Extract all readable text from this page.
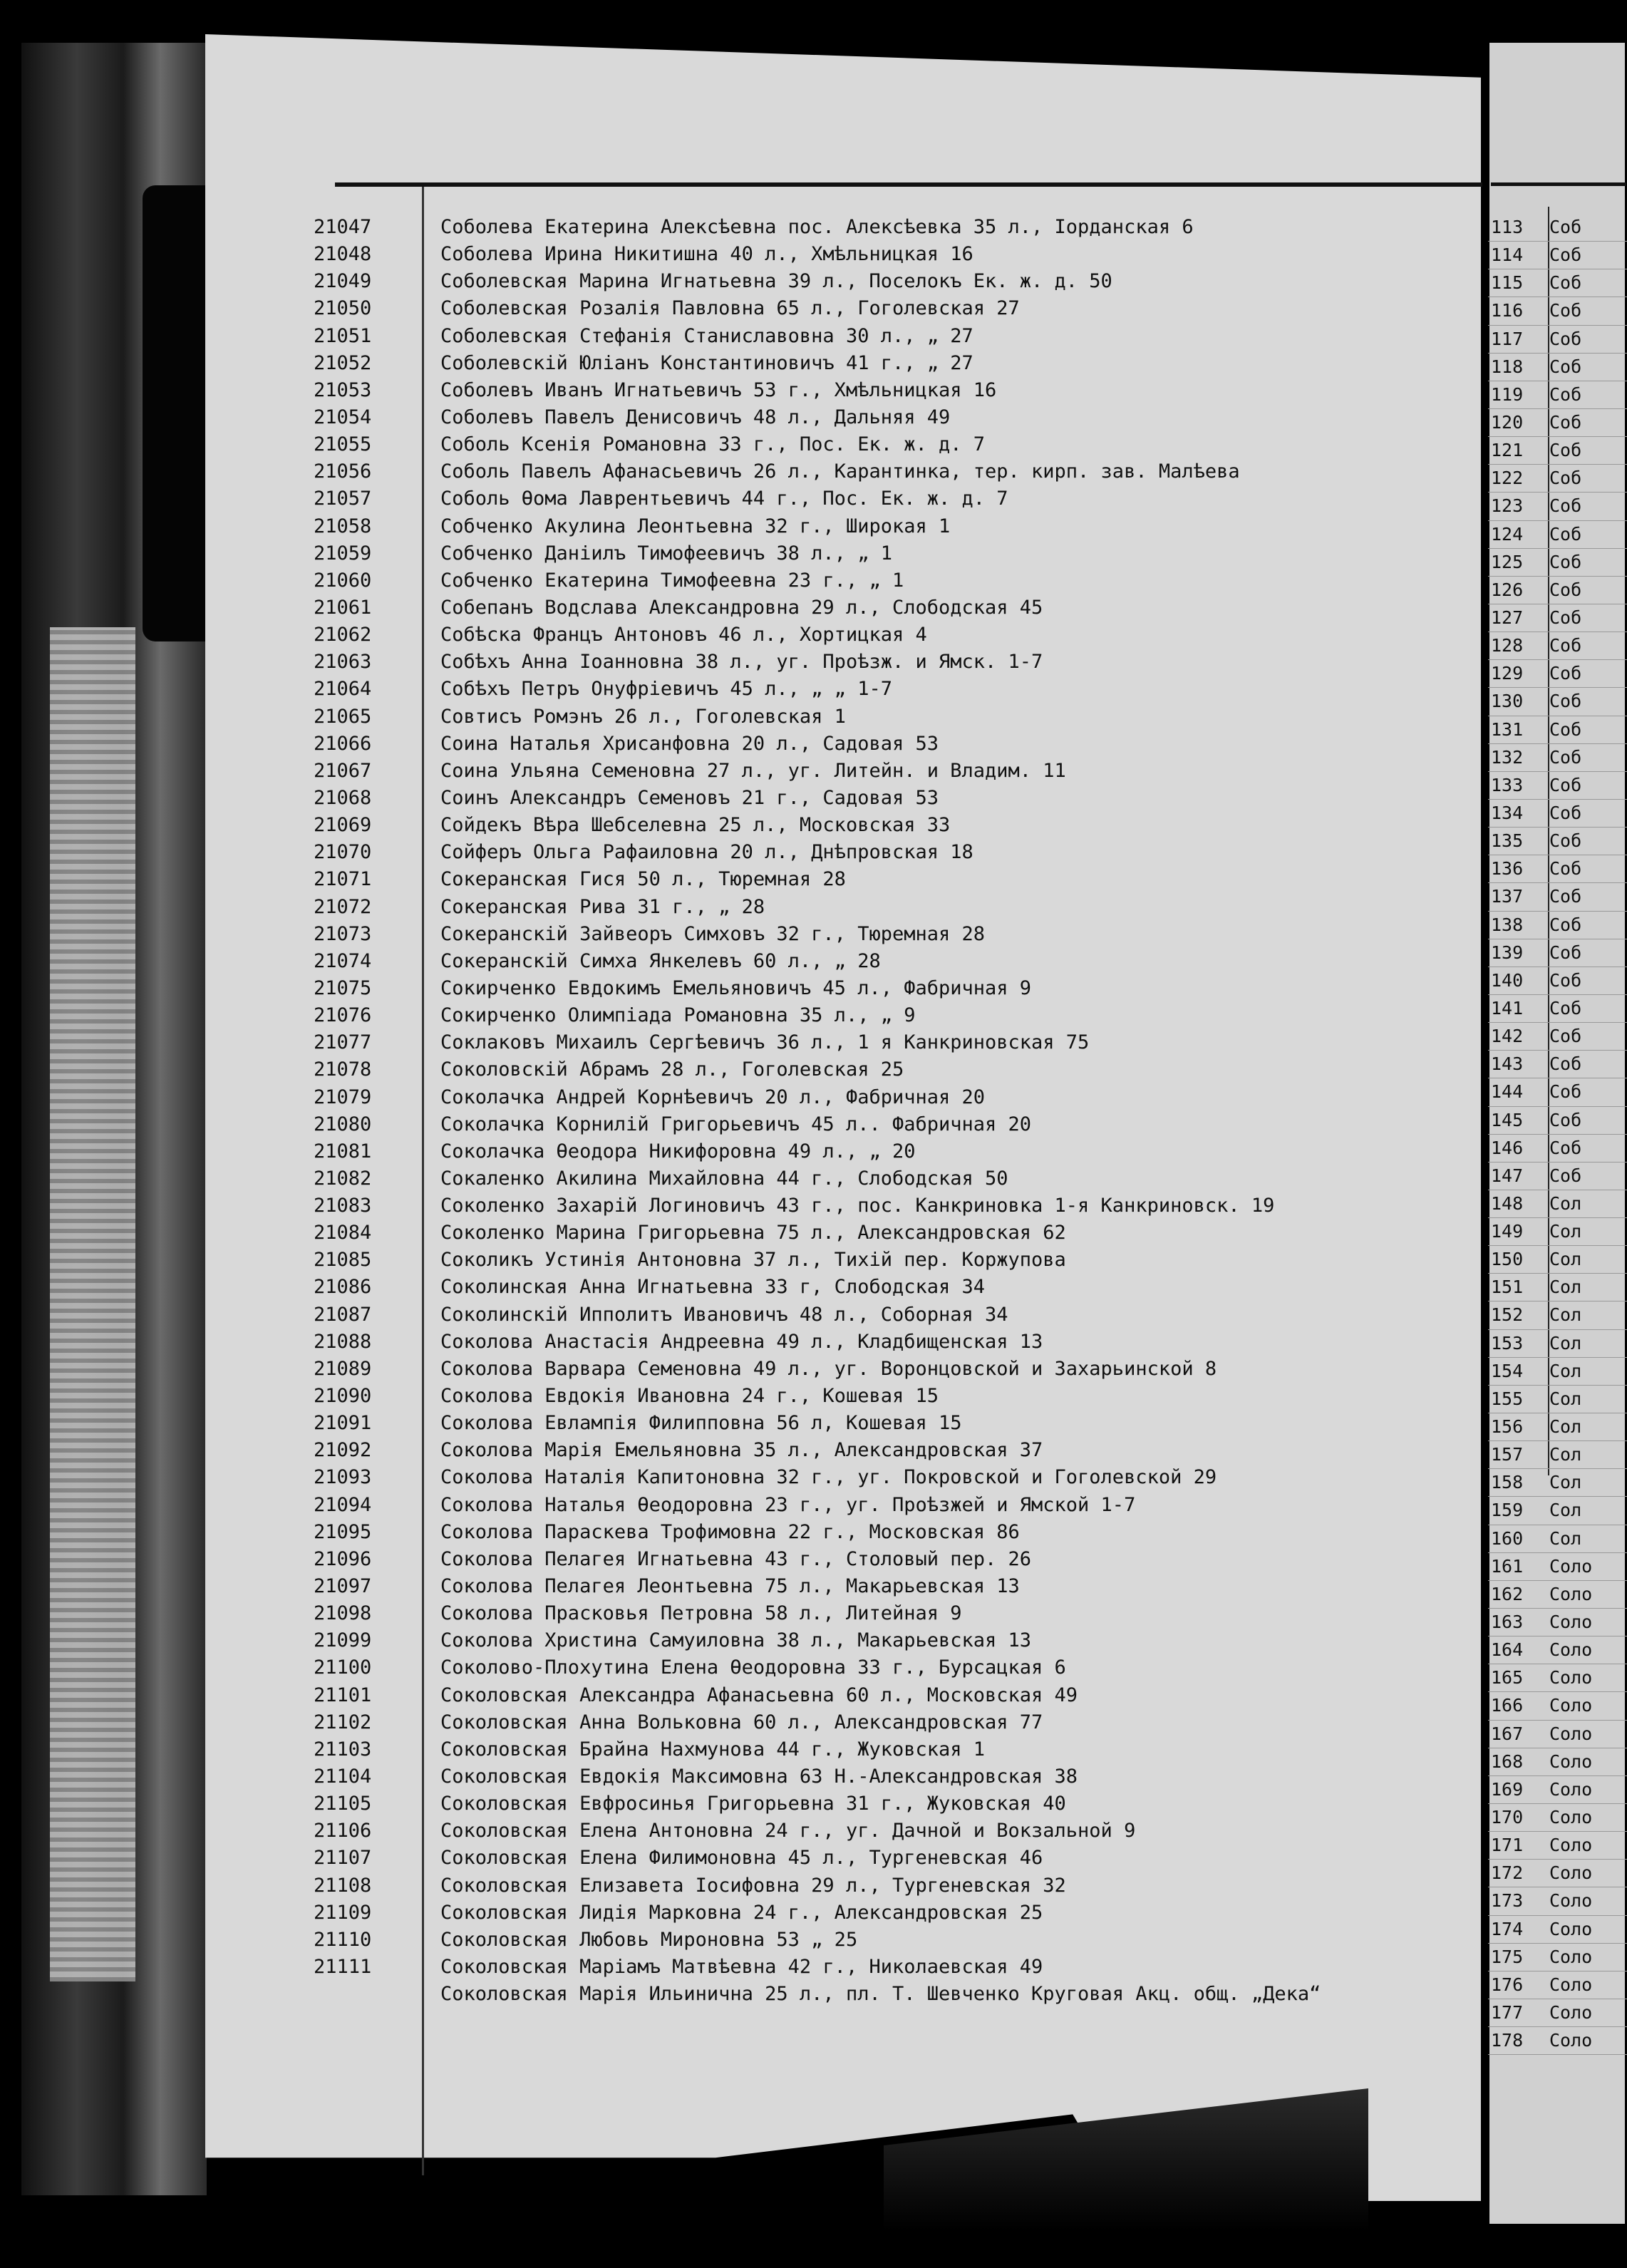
21047	Соболева Екатерина Алексѣевна пос. Алексѣевка 35 л., Іорданская 6
21048	Соболева Ирина Никитишна 40 л., Хмѣльницкая 16
21049	Соболевская Марина Игнатьевна 39 л., Поселокъ Ек. ж. д. 50
21050	Соболевская Розалія Павловна 65 л., Гоголевская 27
21051	Соболевская Стефанія Станиславовна 30 л., „ 27
21052	Соболевскій Юліанъ Константиновичъ 41 г., „ 27
21053	Соболевъ Иванъ Игнатьевичъ 53 г., Хмѣльницкая 16
21054	Соболевъ Павелъ Денисовичъ 48 л., Дальняя 49
21055	Соболь Ксенія Романовна 33 г., Пос. Ек. ж. д. 7
21056	Соболь Павелъ Афанасьевичъ 26 л., Карантинка, тер. кирп. зав. Малѣева
21057	Соболь Ѳома Лаврентьевичъ 44 г., Пос. Ек. ж. д. 7
21058	Собченко Акулина Леонтьевна 32 г., Широкая 1
21059	Собченко Даніилъ Тимофеевичъ 38 л., „ 1
21060	Собченко Екатерина Тимофеевна 23 г., „ 1
21061	Собепанъ Водслава Александровна 29 л., Слободская 45
21062	Собѣска Францъ Антоновъ 46 л., Хортицкая 4
21063	Собѣхъ Анна Іоанновна 38 л., уг. Проѣзж. и Ямск. 1-7
21064	Собѣхъ Петръ Онуфріевичъ 45 л., „ „ 1-7
21065	Совтисъ Ромэнъ 26 л., Гоголевская 1
21066	Соина Наталья Хрисанфовна 20 л., Садовая 53
21067	Соина Ульяна Семеновна 27 л., уг. Литейн. и Владим. 11
21068	Соинъ Александръ Семеновъ 21 г., Садовая 53
21069	Сойдекъ Вѣра Шебселевна 25 л., Московская 33
21070	Сойферъ Ольга Рафаиловна 20 л., Днѣпровская 18
21071	Сокеранская Гися 50 л., Тюремная 28
21072	Сокеранская Рива 31 г., „ 28
21073	Сокеранскій Зайвеоръ Симховъ 32 г., Тюремная 28
21074	Сокеранскій Симха Янкелевъ 60 л., „ 28
21075	Сокирченко Евдокимъ Емельяновичъ 45 л., Фабричная 9
21076	Сокирченко Олимпіада Романовна 35 л., „ 9
21077	Соклаковъ Михаилъ Сергѣевичъ 36 л., 1 я Канкриновская 75
21078	Соколовскій Абрамъ 28 л., Гоголевская 25
21079	Соколачка Андрей Корнѣевичъ 20 л., Фабричная 20
21080	Соколачка Корнилій Григорьевичъ 45 л.. Фабричная 20
21081	Соколачка Ѳеодора Никифоровна 49 л., „ 20
21082	Сокаленко Акилина Михайловна 44 г., Слободская 50
21083	Соколенко Захарій Логиновичъ 43 г., пос. Канкриновка 1-я Канкриновск. 19
21084	Соколенко Марина Григорьевна 75 л., Александровская 62
21085	Соколикъ Устинія Антоновна 37 л., Тихій пер. Коржупова
21086	Соколинская Анна Игнатьевна 33 г, Слободская 34
21087	Соколинскій Ипполитъ Ивановичъ 48 л., Соборная 34
21088	Соколова Анастасія Андреевна 49 л., Кладбищенская 13
21089	Соколова Варвара Семеновна 49 л., уг. Воронцовской и Захарьинской 8
21090	Соколова Евдокія Ивановна 24 г., Кошевая 15
21091	Соколова Евлампія Филипповна 56 л, Кошевая 15
21092	Соколова Марія Емельяновна 35 л., Александровская 37
21093	Соколова Наталія Капитоновна 32 г., уг. Покровской и Гоголевской 29
21094	Соколова Наталья Ѳеодоровна 23 г., уг. Проѣзжей и Ямской 1-7
21095	Соколова Параскева Трофимовна 22 г., Московская 86
21096	Соколова Пелагея Игнатьевна 43 г., Столовый пер. 26
21097	Соколова Пелагея Леонтьевна 75 л., Макарьевская 13
21098	Соколова Прасковья Петровна 58 л., Литейная 9
21099	Соколова Христина Самуиловна 38 л., Макарьевская 13
21100	Соколово-Плохутина Елена Ѳеодоровна 33 г., Бурсацкая 6
21101	Соколовская Александра Афанасьевна 60 л., Московская 49
21102	Соколовская Анна Вольковна 60 л., Александровская 77
21103	Соколовская Брайна Нахмунова 44 г., Жуковская 1
21104	Соколовская Евдокія Максимовна 63 Н.-Александровская 38
21105	Соколовская Евфросинья Григорьевна 31 г., Жуковская 40
21106	Соколовская Елена Антоновна 24 г., уг. Дачной и Вокзальной 9
21107	Соколовская Елена Филимоновна 45 л., Тургеневская 46
21108	Соколовская Елизавета Іосифовна 29 л., Тургеневская 32
21109	Соколовская Лидія Марковна 24 г., Александровская 25
21110	Соколовская Любовь Мироновна 53 „ 25
21111	Соколовская Маріамъ Матвѣевна 42 г., Николаевская 49
Соколовская Марія Ильинична 25 л., пл. Т. Шевченко Круговая Акц. общ. „Дека“
113 Соб
114 Соб
115 Соб
116 Соб
117 Соб
118 Соб
119 Соб
120 Соб
121 Соб
122 Соб
123 Соб
124 Соб
125 Соб
126 Соб
127 Соб
128 Соб
129 Соб
130 Соб
131 Соб
132 Соб
133 Соб
134 Соб
135 Соб
136 Соб
137 Соб
138 Соб
139 Соб
140 Соб
141 Соб
142 Соб
143 Соб
144 Соб
145 Соб
146 Соб
147 Соб
148 Сол
149 Сол
150 Сол
151 Сол
152 Сол
153 Сол
154 Сол
155 Сол
156 Сол
157 Сол
158 Сол
159 Сол
160 Сол
161 Соло
162 Соло
163 Соло
164 Соло
165 Соло
166 Соло
167 Соло
168 Соло
169 Соло
170 Соло
171 Соло
172 Соло
173 Соло
174 Соло
175 Соло
176 Соло
177 Соло
178 Соло
